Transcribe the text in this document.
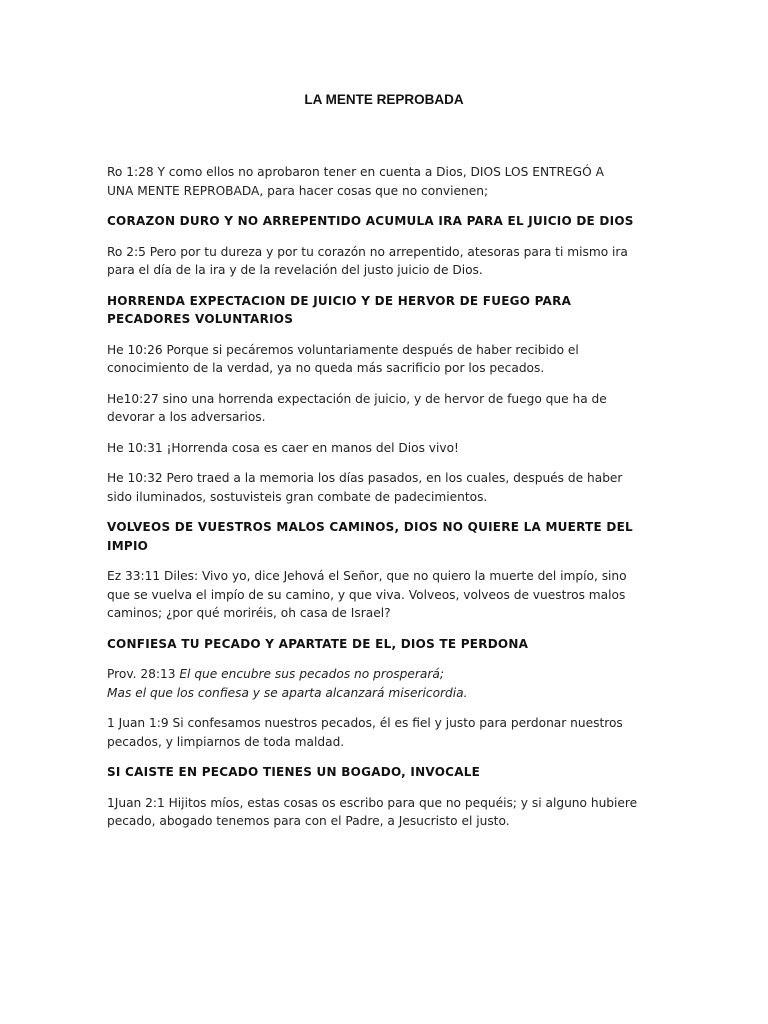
LA MENTE REPROBADA

Ro 1:28 Y como ellos no aprobaron tener en cuenta a Dios, DIOS LOS ENTREGÓ A
UNA MENTE REPROBADA, para hacer cosas que no convienen;

CORAZON DURO Y NO ARREPENTIDO ACUMULA IRA PARA EL JUICIO DE DIOS

Ro 2:5 Pero por tu dureza y por tu corazón no arrepentido, atesoras para ti mismo ira
para el día de la ira y de la revelación del justo juicio de Dios.

HORRENDA EXPECTACION DE JUICIO Y DE HERVOR DE FUEGO PARA
PECADORES VOLUNTARIOS

He 10:26 Porque si pecáremos voluntariamente después de haber recibido el
conocimiento de la verdad, ya no queda más sacrificio por los pecados.

He10:27 sino una horrenda expectación de juicio, y de hervor de fuego que ha de
devorar a los adversarios.

He 10:31 ¡Horrenda cosa es caer en manos del Dios vivo!

He 10:32 Pero traed a la memoria los días pasados, en los cuales, después de haber
sido iluminados, sostuvisteis gran combate de padecimientos.

VOLVEOS DE VUESTROS MALOS CAMINOS, DIOS NO QUIERE LA MUERTE DEL
IMPIO

Ez 33:11 Diles: Vivo yo, dice Jehová el Señor, que no quiero la muerte del impío, sino
que se vuelva el impío de su camino, y que viva. Volveos, volveos de vuestros malos
caminos; ¿por qué moriréis, oh casa de Israel?

CONFIESA TU PECADO Y APARTATE DE EL, DIOS TE PERDONA

Prov. 28:13 El que encubre sus pecados no prosperará;
Mas el que los confiesa y se aparta alcanzará misericordia.

1 Juan 1:9 Si confesamos nuestros pecados, él es fiel y justo para perdonar nuestros
pecados, y limpiarnos de toda maldad.

SI CAISTE EN PECADO TIENES UN BOGADO, INVOCALE

1Juan 2:1 Hijitos míos, estas cosas os escribo para que no pequéis; y si alguno hubiere
pecado, abogado tenemos para con el Padre, a Jesucristo el justo.
